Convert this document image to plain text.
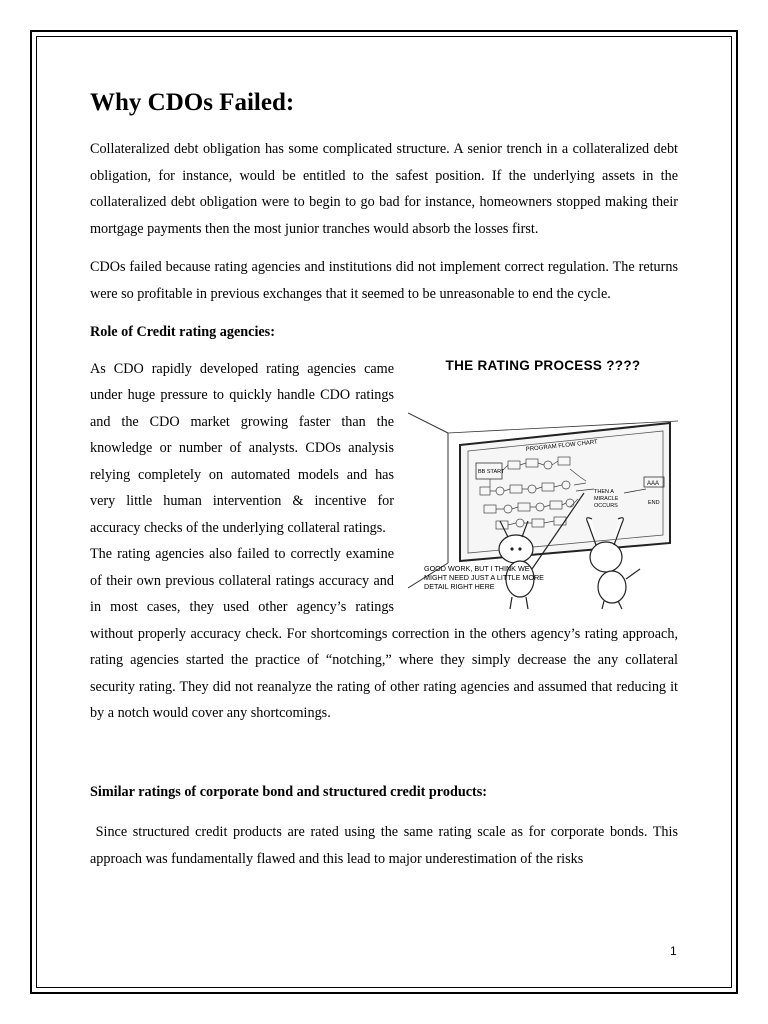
Why CDOs Failed:

Collateralized debt obligation has some complicated structure. A senior trench in a collateralized debt obligation, for instance, would be entitled to the safest position. If the underlying assets in the collateralized debt obligation were to begin to go bad for instance, homeowners stopped making their mortgage payments then the most junior tranches would absorb the losses first.

CDOs failed because rating agencies and institutions did not implement correct regulation. The returns were so profitable in previous exchanges that it seemed to be unreasonable to end the cycle.

Role of Credit rating agencies:

THE RATING PROCESS ????

PROGRAM FLOW CHART
BB START
THEN A MIRACLE OCCURS
AAA
END
GOOD WORK, BUT I THINK WE MIGHT NEED JUST A LITTLE MORE DETAIL RIGHT HERE

As CDO rapidly developed rating agencies came under huge pressure to quickly handle CDO ratings and the CDO market growing faster than the knowledge or number of analysts. CDOs analysis relying completely on automated models and has very little human intervention & incentive for accuracy checks of the underlying collateral ratings.

The rating agencies also failed to correctly examine of their own previous collateral ratings accuracy and in most cases, they used other agency’s ratings without properly accuracy check. For shortcomings correction in the others agency’s rating approach, rating agencies started the practice of “notching,” where they simply decrease the any collateral security rating. They did not reanalyze the rating of other rating agencies and assumed that reducing it by a notch would cover any shortcomings.

Similar ratings of corporate bond and structured credit products:

Since structured credit products are rated using the same rating scale as for corporate bonds. This approach was fundamentally flawed and this lead to major underestimation of the risks

1
